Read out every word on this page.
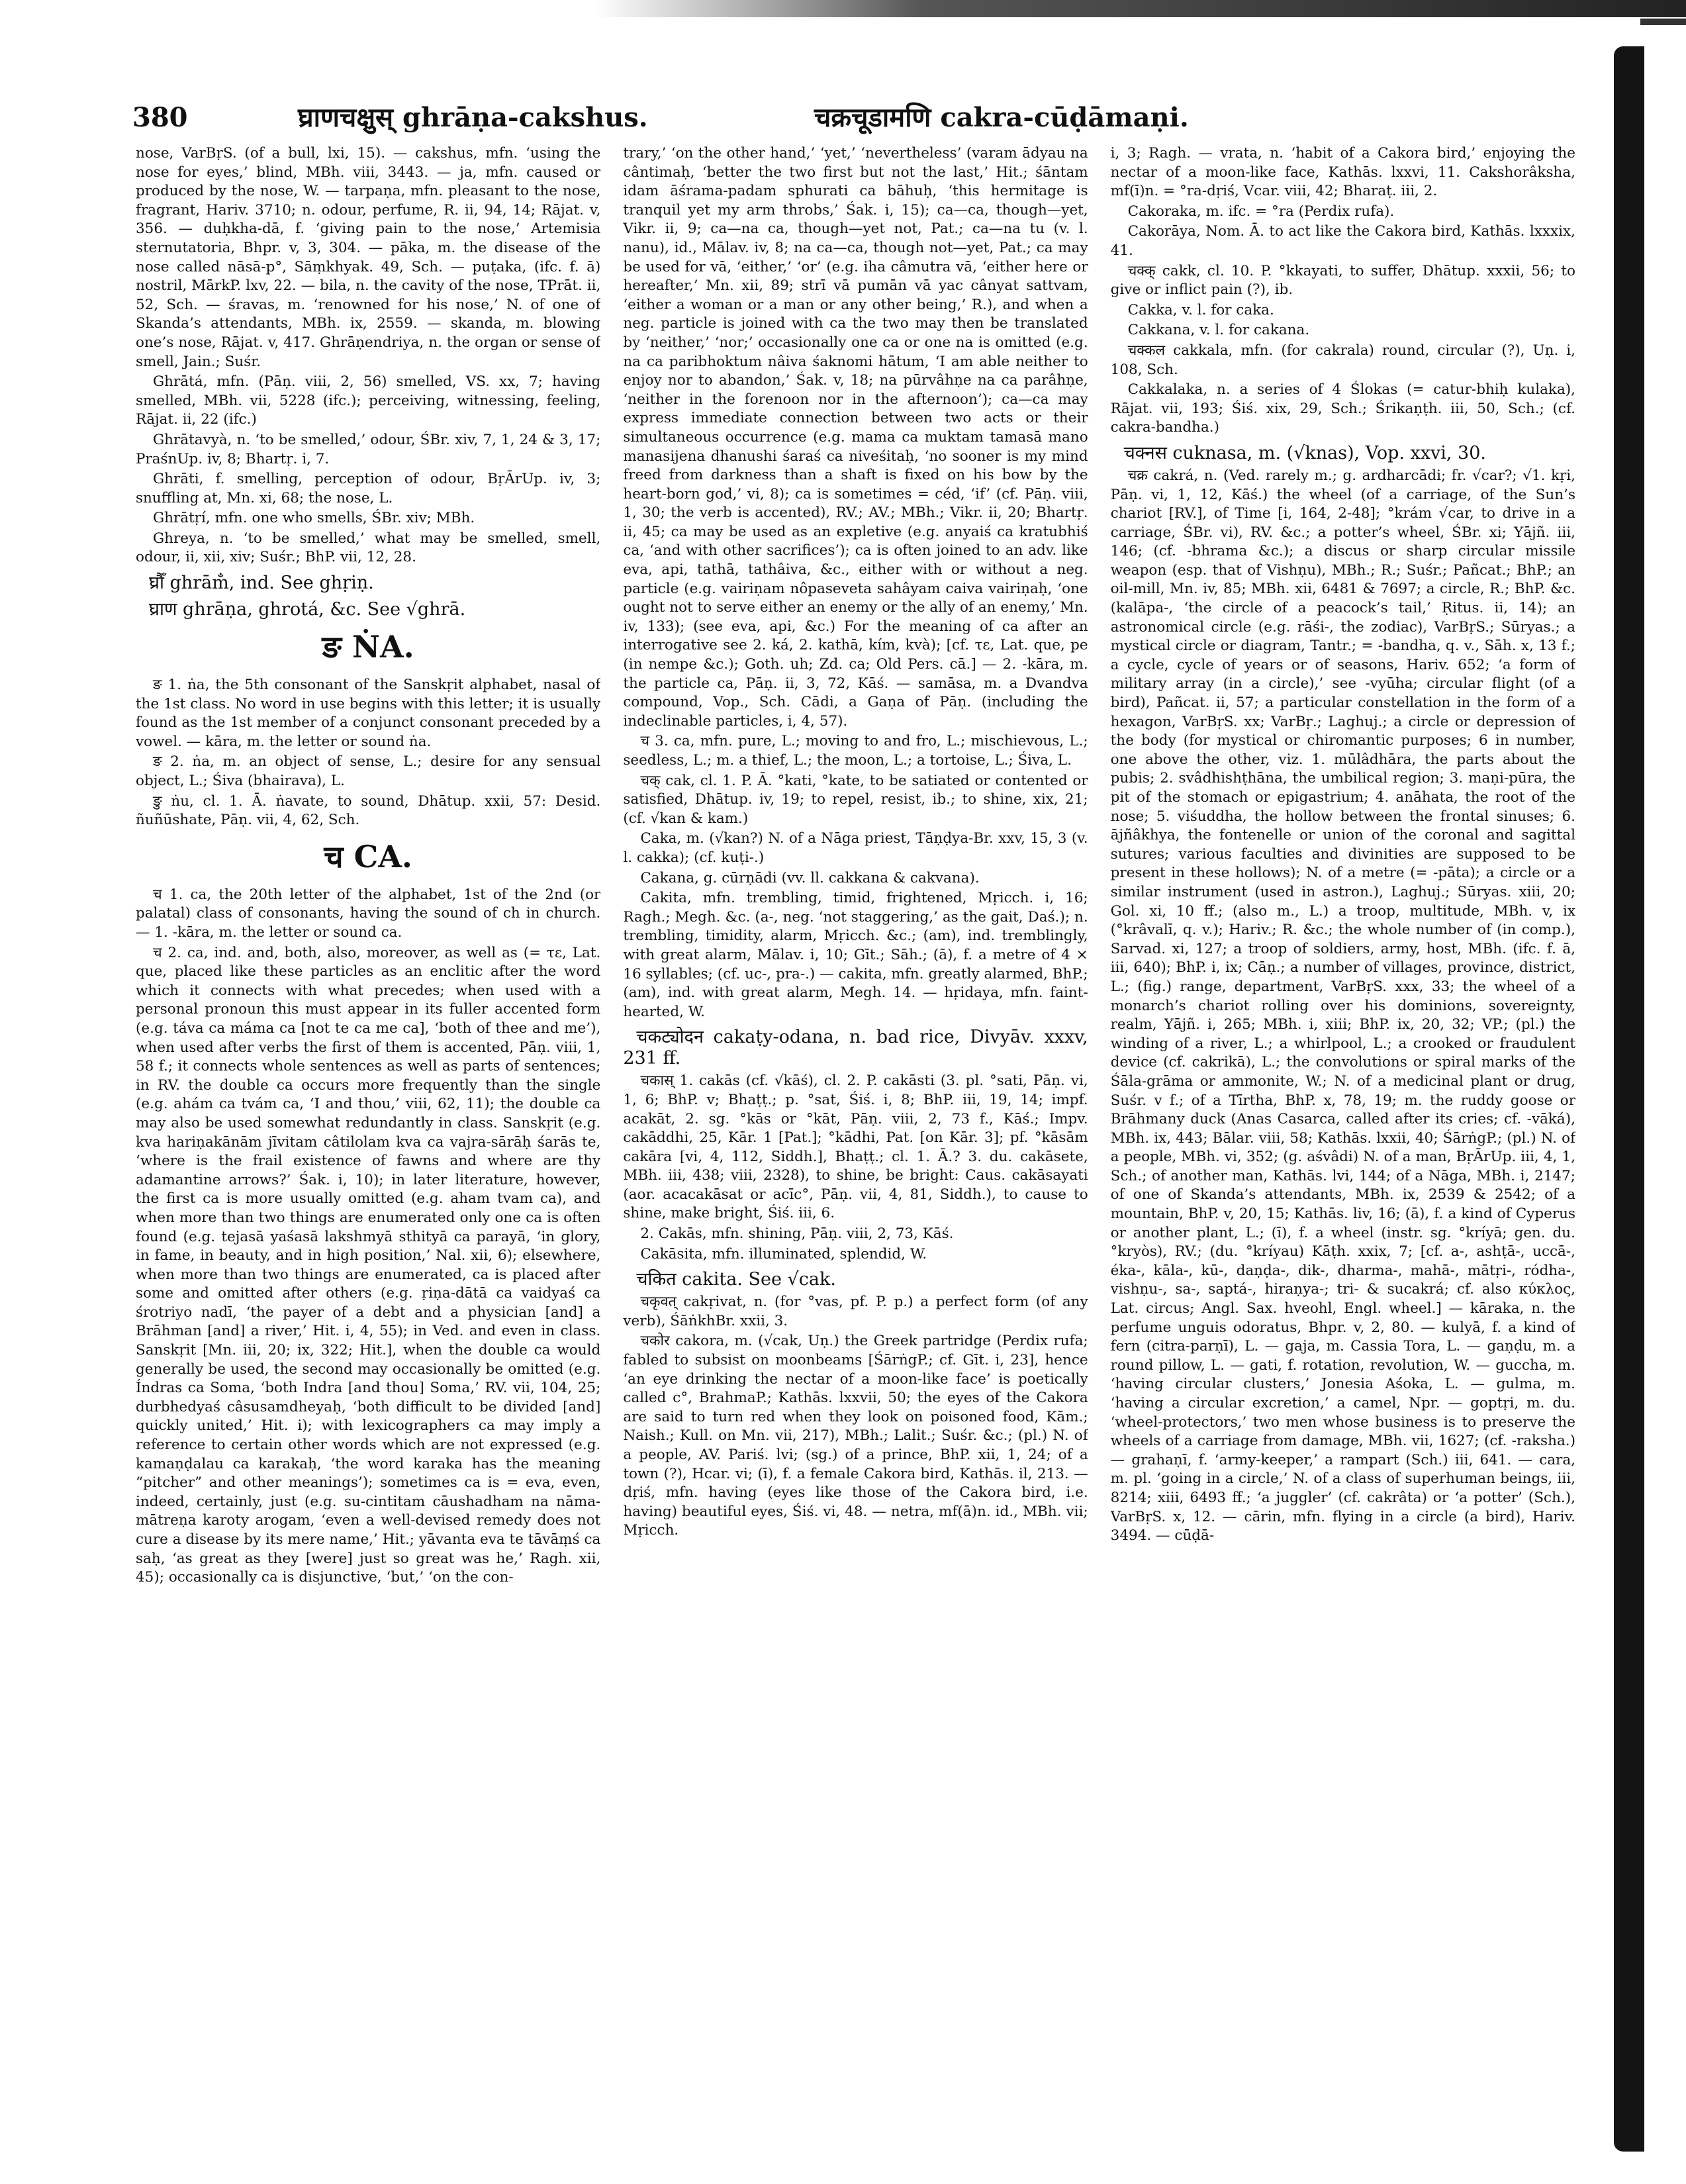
380	घ्राणचक्षुस् ghrāṇa-cakshus.	चक्रचूडामणि cakra-cūḍāmaṇi.

nose, VarBṛS. (of a bull, lxi, 15). — cakshus, mfn. ‘using the nose for eyes,’ blind, MBh. viii, 3443. — ja, mfn. caused or produced by the nose, W. — tarpaṇa, mfn. pleasant to the nose, fragrant, Hariv. 3710; n. odour, perfume, R. ii, 94, 14; Rājat. v, 356. — duḥkha-dā, f. ‘giving pain to the nose,’ Artemisia sternutatoria, Bhpr. v, 3, 304. — pāka, m. the disease of the nose called nāsā-p°, Sāṃkhyak. 49, Sch. — puṭaka, (ifc. f. ā) nostril, MārkP. lxv, 22. — bila, n. the cavity of the nose, TPrāt. ii, 52, Sch. — śravas, m. ‘renowned for his nose,’ N. of one of Skanda’s attendants, MBh. ix, 2559. — skanda, m. blowing one’s nose, Rājat. v, 417. Ghrāṇendriya, n. the organ or sense of smell, Jain.; Suśr.

Ghrātá, mfn. (Pāṇ. viii, 2, 56) smelled, VS. xx, 7; having smelled, MBh. vii, 5228 (ifc.); perceiving, witnessing, feeling, Rājat. ii, 22 (ifc.)

Ghrātavyà, n. ‘to be smelled,’ odour, ŚBr. xiv, 7, 1, 24 & 3, 17; PraśnUp. iv, 8; Bhartṛ. i, 7.

Ghrāti, f. smelling, perception of odour, BṛĀrUp. iv, 3; snuffling at, Mn. xi, 68; the nose, L.

Ghrātṛí, mfn. one who smells, ŚBr. xiv; MBh.

Ghreya, n. ‘to be smelled,’ what may be smelled, smell, odour, ii, xii, xiv; Suśr.; BhP. vii, 12, 28.

घ्रौँ ghrām̐, ind. See ghṛiṇ.

घ्राण ghrāṇa, ghrotá, &c. See √ghrā.

ङ ṄA.

ङ 1. ṅa, the 5th consonant of the Sanskṛit alphabet, nasal of the 1st class. No word in use begins with this letter; it is usually found as the 1st member of a conjunct consonant preceded by a vowel. — kāra, m. the letter or sound ṅa.

ङ 2. ṅa, m. an object of sense, L.; desire for any sensual object, L.; Śiva (bhairava), L.

ङु ṅu, cl. 1. Ā. ṅavate, to sound, Dhātup. xxii, 57: Desid. ñuñūshate, Pāṇ. vii, 4, 62, Sch.

च CA.

च 1. ca, the 20th letter of the alphabet, 1st of the 2nd (or palatal) class of consonants, having the sound of ch in church. — 1. -kāra, m. the letter or sound ca.

च 2. ca, ind. and, both, also, moreover, as well as (= τε, Lat. que, placed like these particles as an enclitic after the word which it connects with what precedes; when used with a personal pronoun this must appear in its fuller accented form (e.g. táva ca máma ca [not te ca me ca], ‘both of thee and me’), when used after verbs the first of them is accented, Pāṇ. viii, 1, 58 f.; it connects whole sentences as well as parts of sentences; in RV. the double ca occurs more frequently than the single (e.g. ahám ca tvám ca, ‘I and thou,’ viii, 62, 11); the double ca may also be used somewhat redundantly in class. Sanskṛit (e.g. kva hariṇakānām jīvitam câtilolam kva ca vajra-sārāḥ śarās te, ‘where is the frail existence of fawns and where are thy adamantine arrows?’ Śak. i, 10); in later literature, however, the first ca is more usually omitted (e.g. aham tvam ca), and when more than two things are enumerated only one ca is often found (e.g. tejasā yaśasā lakshmyā sthityā ca parayā, ‘in glory, in fame, in beauty, and in high position,’ Nal. xii, 6); elsewhere, when more than two things are enumerated, ca is placed after some and omitted after others (e.g. ṛiṇa-dātā ca vaidyaś ca śrotriyo nadī, ‘the payer of a debt and a physician [and] a Brāhman [and] a river,’ Hit. i, 4, 55); in Ved. and even in class. Sanskṛit [Mn. iii, 20; ix, 322; Hit.], when the double ca would generally be used, the second may occasionally be omitted (e.g. Índras ca Soma, ‘both Indra [and thou] Soma,’ RV. vii, 104, 25; durbhedyaś câsusamdheyaḥ, ‘both difficult to be divided [and] quickly united,’ Hit. i); with lexicographers ca may imply a reference to certain other words which are not expressed (e.g. kamaṇḍalau ca karakaḥ, ‘the word karaka has the meaning “pitcher” and other meanings’); sometimes ca is = eva, even, indeed, certainly, just (e.g. su-cintitam cāushadham na nāma-mātreṇa karoty arogam, ‘even a well-devised remedy does not cure a disease by its mere name,’ Hit.; yāvanta eva te tāvāṃś ca saḥ, ‘as great as they [were] just so great was he,’ Ragh. xii, 45); occasionally ca is disjunctive, ‘but,’ ‘on the con-

trary,’ ‘on the other hand,’ ‘yet,’ ‘nevertheless’ (varam ādyau na cântimaḥ, ‘better the two first but not the last,’ Hit.; śāntam idam āśrama-padam sphurati ca bāhuḥ, ‘this hermitage is tranquil yet my arm throbs,’ Śak. i, 15); ca—ca, though—yet, Vikr. ii, 9; ca—na ca, though—yet not, Pat.; ca—na tu (v. l. nanu), id., Mālav. iv, 8; na ca—ca, though not—yet, Pat.; ca may be used for vā, ‘either,’ ‘or’ (e.g. iha câmutra vā, ‘either here or hereafter,’ Mn. xii, 89; strī vā pumān vā yac cânyat sattvam, ‘either a woman or a man or any other being,’ R.), and when a neg. particle is joined with ca the two may then be translated by ‘neither,’ ‘nor;’ occasionally one ca or one na is omitted (e.g. na ca paribhoktum nâiva śaknomi hātum, ‘I am able neither to enjoy nor to abandon,’ Śak. v, 18; na pūrvâhṇe na ca parâhṇe, ‘neither in the forenoon nor in the afternoon’); ca—ca may express immediate connection between two acts or their simultaneous occurrence (e.g. mama ca muktam tamasā mano manasijena dhanushi śaraś ca niveśitaḥ, ‘no sooner is my mind freed from darkness than a shaft is fixed on his bow by the heart-born god,’ vi, 8); ca is sometimes = céd, ‘if’ (cf. Pāṇ. viii, 1, 30; the verb is accented), RV.; AV.; MBh.; Vikr. ii, 20; Bhartṛ. ii, 45; ca may be used as an expletive (e.g. anyaiś ca kratubhiś ca, ‘and with other sacrifices’); ca is often joined to an adv. like eva, api, tathā, tathâiva, &c., either with or without a neg. particle (e.g. vairiṇam nôpaseveta sahâyam caiva vairiṇaḥ, ‘one ought not to serve either an enemy or the ally of an enemy,’ Mn. iv, 133); (see eva, api, &c.) For the meaning of ca after an interrogative see 2. ká, 2. kathā, kím, kvà); [cf. τε, Lat. que, pe (in nempe &c.); Goth. uh; Zd. ca; Old Pers. cā.] — 2. -kāra, m. the particle ca, Pāṇ. ii, 3, 72, Kāś. — samāsa, m. a Dvandva compound, Vop., Sch. Cādi, a Gaṇa of Pāṇ. (including the indeclinable particles, i, 4, 57).

च 3. ca, mfn. pure, L.; moving to and fro, L.; mischievous, L.; seedless, L.; m. a thief, L.; the moon, L.; a tortoise, L.; Śiva, L.

चक् cak, cl. 1. P. Ā. °kati, °kate, to be satiated or contented or satisfied, Dhātup. iv, 19; to repel, resist, ib.; to shine, xix, 21; (cf. √kan & kam.)

Caka, m. (√kan?) N. of a Nāga priest, Tāṇḍya-Br. xxv, 15, 3 (v. l. cakka); (cf. kuṭi-.)

Cakana, g. cūrṇādi (vv. ll. cakkana & cakvana).

Cakita, mfn. trembling, timid, frightened, Mṛicch. i, 16; Ragh.; Megh. &c. (a-, neg. ‘not staggering,’ as the gait, Daś.); n. trembling, timidity, alarm, Mṛicch. &c.; (am), ind. tremblingly, with great alarm, Mālav. i, 10; Gīt.; Sāh.; (ā), f. a metre of 4 × 16 syllables; (cf. uc-, pra-.) — cakita, mfn. greatly alarmed, BhP.; (am), ind. with great alarm, Megh. 14. — hṛidaya, mfn. faint-hearted, W.

चकट्योदन cakaṭy-odana, n. bad rice, Divyāv. xxxv, 231 ff.

चकास् 1. cakās (cf. √kāś), cl. 2. P. cakāsti (3. pl. °sati, Pāṇ. vi, 1, 6; BhP. v; Bhaṭṭ.; p. °sat, Śiś. i, 8; BhP. iii, 19, 14; impf. acakāt, 2. sg. °kās or °kāt, Pāṇ. viii, 2, 73 f., Kāś.; Impv. cakāddhi, 25, Kār. 1 [Pat.]; °kādhi, Pat. [on Kār. 3]; pf. °kāsām cakāra [vi, 4, 112, Siddh.], Bhaṭṭ.; cl. 1. Ā.? 3. du. cakāsete, MBh. iii, 438; viii, 2328), to shine, be bright: Caus. cakāsayati (aor. acacakāsat or acīc°, Pāṇ. vii, 4, 81, Siddh.), to cause to shine, make bright, Śiś. iii, 6.

2. Cakās, mfn. shining, Pāṇ. viii, 2, 73, Kāś.

Cakāsita, mfn. illuminated, splendid, W.

चकित cakita. See √cak.

चकृवत् cakṛivat, n. (for °vas, pf. P. p.) a perfect form (of any verb), ŚāṅkhBr. xxii, 3.

चकोर cakora, m. (√cak, Uṇ.) the Greek partridge (Perdix rufa; fabled to subsist on moonbeams [ŚārṅgP.; cf. Gīt. i, 23], hence ‘an eye drinking the nectar of a moon-like face’ is poetically called c°, BrahmaP.; Kathās. lxxvii, 50; the eyes of the Cakora are said to turn red when they look on poisoned food, Kām.; Naish.; Kull. on Mn. vii, 217), MBh.; Lalit.; Suśr. &c.; (pl.) N. of a people, AV. Pariś. lvi; (sg.) of a prince, BhP. xii, 1, 24; of a town (?), Hcar. vi; (ī), f. a female Cakora bird, Kathās. il, 213. — dṛiś, mfn. having (eyes like those of the Cakora bird, i.e. having) beautiful eyes, Śiś. vi, 48. — netra, mf(ā)n. id., MBh. vii; Mṛicch.

i, 3; Ragh. — vrata, n. ‘habit of a Cakora bird,’ enjoying the nectar of a moon-like face, Kathās. lxxvi, 11. Cakshorâksha, mf(ī)n. = °ra-dṛiś, Vcar. viii, 42; Bharaṭ. iii, 2.

Cakoraka, m. ifc. = °ra (Perdix rufa).

Cakorāya, Nom. Ā. to act like the Cakora bird, Kathās. lxxxix, 41.

चक्क् cakk, cl. 10. P. °kkayati, to suffer, Dhātup. xxxii, 56; to give or inflict pain (?), ib.

Cakka, v. l. for caka.

Cakkana, v. l. for cakana.

चक्कल cakkala, mfn. (for cakrala) round, circular (?), Uṇ. i, 108, Sch.

Cakkalaka, n. a series of 4 Ślokas (= catur-bhiḥ kulaka), Rājat. vii, 193; Śiś. xix, 29, Sch.; Śrikaṇṭh. iii, 50, Sch.; (cf. cakra-bandha.)

चक्नस cuknasa, m. (√knas), Vop. xxvi, 30.

चक्र cakrá, n. (Ved. rarely m.; g. ardharcādi; fr. √car?; √1. kṛi, Pāṇ. vi, 1, 12, Kāś.) the wheel (of a carriage, of the Sun’s chariot [RV.], of Time [i, 164, 2-48]; °krám √car, to drive in a carriage, ŚBr. vi), RV. &c.; a potter’s wheel, ŚBr. xi; Yājñ. iii, 146; (cf. -bhrama &c.); a discus or sharp circular missile weapon (esp. that of Vishṇu), MBh.; R.; Suśr.; Pañcat.; BhP.; an oil-mill, Mn. iv, 85; MBh. xii, 6481 & 7697; a circle, R.; BhP. &c. (kalāpa-, ‘the circle of a peacock’s tail,’ Ṛitus. ii, 14); an astronomical circle (e.g. rāśi-, the zodiac), VarBṛS.; Sūryas.; a mystical circle or diagram, Tantr.; = -bandha, q. v., Sāh. x, 13 f.; a cycle, cycle of years or of seasons, Hariv. 652; ‘a form of military array (in a circle),’ see -vyūha; circular flight (of a bird), Pañcat. ii, 57; a particular constellation in the form of a hexagon, VarBṛS. xx; VarBṛ.; Laghuj.; a circle or depression of the body (for mystical or chiromantic purposes; 6 in number, one above the other, viz. 1. mūlâdhāra, the parts about the pubis; 2. svâdhishṭhāna, the umbilical region; 3. maṇi-pūra, the pit of the stomach or epigastrium; 4. anāhata, the root of the nose; 5. viśuddha, the hollow between the frontal sinuses; 6. ājñâkhya, the fontenelle or union of the coronal and sagittal sutures; various faculties and divinities are supposed to be present in these hollows); N. of a metre (= -pāta); a circle or a similar instrument (used in astron.), Laghuj.; Sūryas. xiii, 20; Gol. xi, 10 ff.; (also m., L.) a troop, multitude, MBh. v, ix (°krâvalī, q. v.); Hariv.; R. &c.; the whole number of (in comp.), Sarvad. xi, 127; a troop of soldiers, army, host, MBh. (ifc. f. ā, iii, 640); BhP. i, ix; Cāṇ.; a number of villages, province, district, L.; (fig.) range, department, VarBṛS. xxx, 33; the wheel of a monarch’s chariot rolling over his dominions, sovereignty, realm, Yājñ. i, 265; MBh. i, xiii; BhP. ix, 20, 32; VP.; (pl.) the winding of a river, L.; a whirlpool, L.; a crooked or fraudulent device (cf. cakrikā), L.; the convolutions or spiral marks of the Śāla-grāma or ammonite, W.; N. of a medicinal plant or drug, Suśr. v f.; of a Tīrtha, BhP. x, 78, 19; m. the ruddy goose or Brāhmany duck (Anas Casarca, called after its cries; cf. -vāká), MBh. ix, 443; Bālar. viii, 58; Kathās. lxxii, 40; ŚārṅgP.; (pl.) N. of a people, MBh. vi, 352; (g. aśvâdi) N. of a man, BṛĀrUp. iii, 4, 1, Sch.; of another man, Kathās. lvi, 144; of a Nāga, MBh. i, 2147; of one of Skanda’s attendants, MBh. ix, 2539 & 2542; of a mountain, BhP. v, 20, 15; Kathās. liv, 16; (ā), f. a kind of Cyperus or another plant, L.; (ī), f. a wheel (instr. sg. °kríyā; gen. du. °kryòs), RV.; (du. °kríyau) Kāṭh. xxix, 7; [cf. a-, ashṭā-, uccā-, éka-, kāla-, kū-, daṇḍa-, dik-, dharma-, mahā-, mātṛi-, ródha-, vishṇu-, sa-, saptá-, hiraṇya-; tri- & sucakrá; cf. also κύκλος, Lat. circus; Angl. Sax. hveohl, Engl. wheel.] — kāraka, n. the perfume unguis odoratus, Bhpr. v, 2, 80. — kulyā, f. a kind of fern (citra-parṇī), L. — gaja, m. Cassia Tora, L. — gaṇḍu, m. a round pillow, L. — gati, f. rotation, revolution, W. — guccha, m. ‘having circular clusters,’ Jonesia Aśoka, L. — gulma, m. ‘having a circular excretion,’ a camel, Npr. — goptṛi, m. du. ‘wheel-protectors,’ two men whose business is to preserve the wheels of a carriage from damage, MBh. vii, 1627; (cf. -raksha.) — grahaṇī, f. ‘army-keeper,’ a rampart (Sch.) iii, 641. — cara, m. pl. ‘going in a circle,’ N. of a class of superhuman beings, iii, 8214; xiii, 6493 ff.; ‘a juggler’ (cf. cakrâta) or ‘a potter’ (Sch.), VarBṛS. x, 12. — cārin, mfn. flying in a circle (a bird), Hariv. 3494. — cūḍā-
